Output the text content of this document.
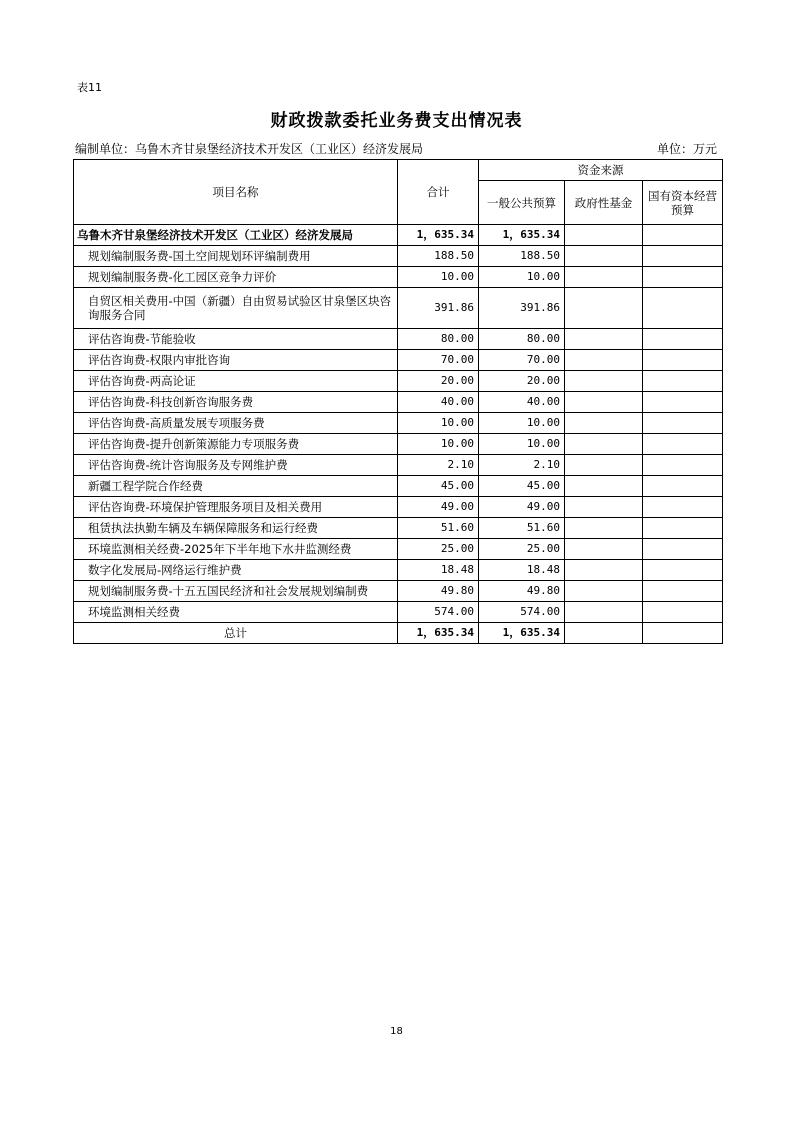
表11
财政拨款委托业务费支出情况表
编制单位：乌鲁木齐甘泉堡经济技术开发区（工业区）经济发展局	单位：万元
项目名称	合计	资金来源		
		一般公共预算	政府性基金	国有资本经营预算
乌鲁木齐甘泉堡经济技术开发区（工业区）经济发展局	1，635.34	1，635.34		
规划编制服务费-国土空间规划环评编制费用	188.50	188.50		
规划编制服务费-化工园区竞争力评价	10.00	10.00		
自贸区相关费用-中国（新疆）自由贸易试验区甘泉堡区块咨询服务合同	391.86	391.86		
评估咨询费-节能验收	80.00	80.00		
评估咨询费-权限内审批咨询	70.00	70.00		
评估咨询费-两高论证	20.00	20.00		
评估咨询费-科技创新咨询服务费	40.00	40.00		
评估咨询费-高质量发展专项服务费	10.00	10.00		
评估咨询费-提升创新策源能力专项服务费	10.00	10.00		
评估咨询费-统计咨询服务及专网维护费	2.10	2.10		
新疆工程学院合作经费	45.00	45.00		
评估咨询费-环境保护管理服务项目及相关费用	49.00	49.00		
租赁执法执勤车辆及车辆保障服务和运行经费	51.60	51.60		
环境监测相关经费-2025年下半年地下水井监测经费	25.00	25.00		
数字化发展局-网络运行维护费	18.48	18.48		
规划编制服务费-十五五国民经济和社会发展规划编制费	49.80	49.80		
环境监测相关经费	574.00	574.00		
总计	1，635.34	1，635.34		
18
